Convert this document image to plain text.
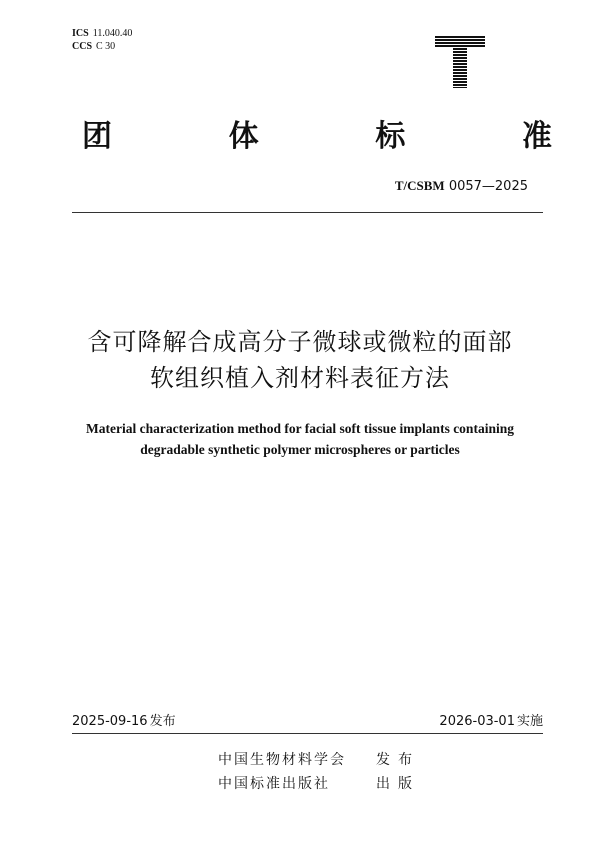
ICS 11.040.40
CCS C 30
团	体	标	准
T/CSBM 0057—2025
含可降解合成高分子微球或微粒的面部
软组织植入剂材料表征方法
Material characterization method for facial soft tissue implants containing
degradable synthetic polymer microspheres or particles
2025-09-16 发布	2026-03-01 实施
中国生物材料学会	发布
中国标准出版社	出版
